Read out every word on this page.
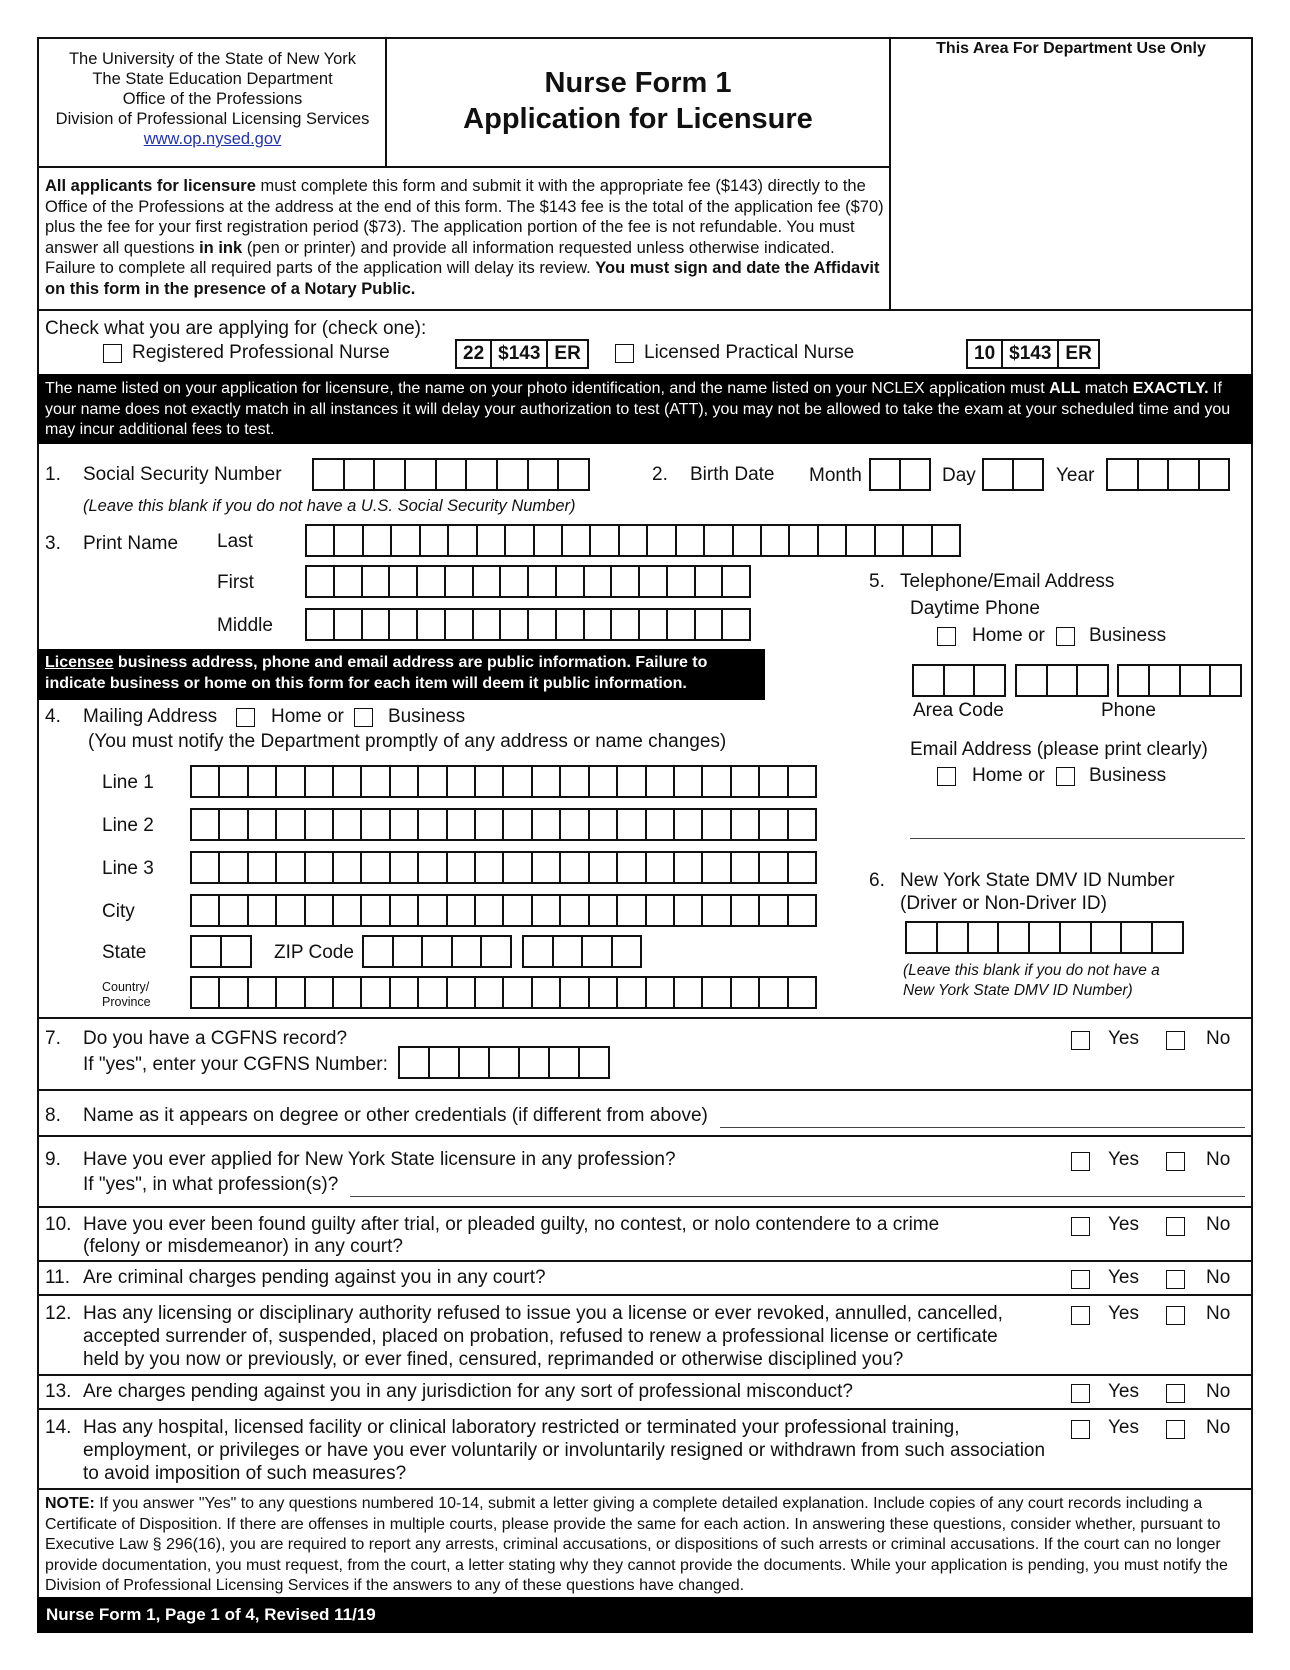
The University of the State of New York
The State Education Department
Office of the Professions
Division of Professional Licensing Services
www.op.nysed.gov
Nurse Form 1
Application for Licensure
This Area For Department Use Only
All applicants for licensure must complete this form and submit it with the appropriate fee ($143) directly to the Office of the Professions at the address at the end of this form. The $143 fee is the total of the application fee ($70) plus the fee for your first registration period ($73). The application portion of the fee is not refundable. You must answer all questions in ink (pen or printer) and provide all information requested unless otherwise indicated. Failure to complete all required parts of the application will delay its review. You must sign and date the Affidavit on this form in the presence of a Notary Public.
Check what you are applying for (check one):
Registered Professional Nurse	22 $143 ER	Licensed Practical Nurse	10 $143 ER
The name listed on your application for licensure, the name on your photo identification, and the name listed on your NCLEX application must ALL match EXACTLY. If your name does not exactly match in all instances it will delay your authorization to test (ATT), you may not be allowed to take the exam at your scheduled time and you may incur additional fees to test.
1. Social Security Number
(Leave this blank if you do not have a U.S. Social Security Number)
2. Birth Date Month	Day	Year
3. Print Name Last
First
Middle
Licensee business address, phone and email address are public information. Failure to indicate business or home on this form for each item will deem it public information.
4. Mailing Address	Home or Business
(You must notify the Department promptly of any address or name changes)
Line 1
Line 2
Line 3
City
State	ZIP Code
Country/
Province
5. Telephone/Email Address
Daytime Phone
Home or Business
Area Code	Phone
Email Address (please print clearly)
Home or Business
6. New York State DMV ID Number
(Driver or Non-Driver ID)
(Leave this blank if you do not have a
New York State DMV ID Number)
7. Do you have a CGFNS record?
If "yes", enter your CGFNS Number:
Yes	No
8. Name as it appears on degree or other credentials (if different from above)
9. Have you ever applied for New York State licensure in any profession?
If "yes", in what profession(s)?
Yes	No
10. Have you ever been found guilty after trial, or pleaded guilty, no contest, or nolo contendere to a crime
(felony or misdemeanor) in any court?
Yes	No
11. Are criminal charges pending against you in any court?	Yes	No
12. Has any licensing or disciplinary authority refused to issue you a license or ever revoked, annulled, cancelled,
accepted surrender of, suspended, placed on probation, refused to renew a professional license or certificate
held by you now or previously, or ever fined, censured, reprimanded or otherwise disciplined you?
Yes	No
13. Are charges pending against you in any jurisdiction for any sort of professional misconduct?	Yes	No
14. Has any hospital, licensed facility or clinical laboratory restricted or terminated your professional training,
employment, or privileges or have you ever voluntarily or involuntarily resigned or withdrawn from such association
to avoid imposition of such measures?
Yes	No
NOTE: If you answer "Yes" to any questions numbered 10-14, submit a letter giving a complete detailed explanation. Include copies of any court records including a Certificate of Disposition. If there are offenses in multiple courts, please provide the same for each action. In answering these questions, consider whether, pursuant to Executive Law § 296(16), you are required to report any arrests, criminal accusations, or dispositions of such arrests or criminal accusations. If the court can no longer provide documentation, you must request, from the court, a letter stating why they cannot provide the documents. While your application is pending, you must notify the Division of Professional Licensing Services if the answers to any of these questions have changed.
Nurse Form 1, Page 1 of 4, Revised 11/19
